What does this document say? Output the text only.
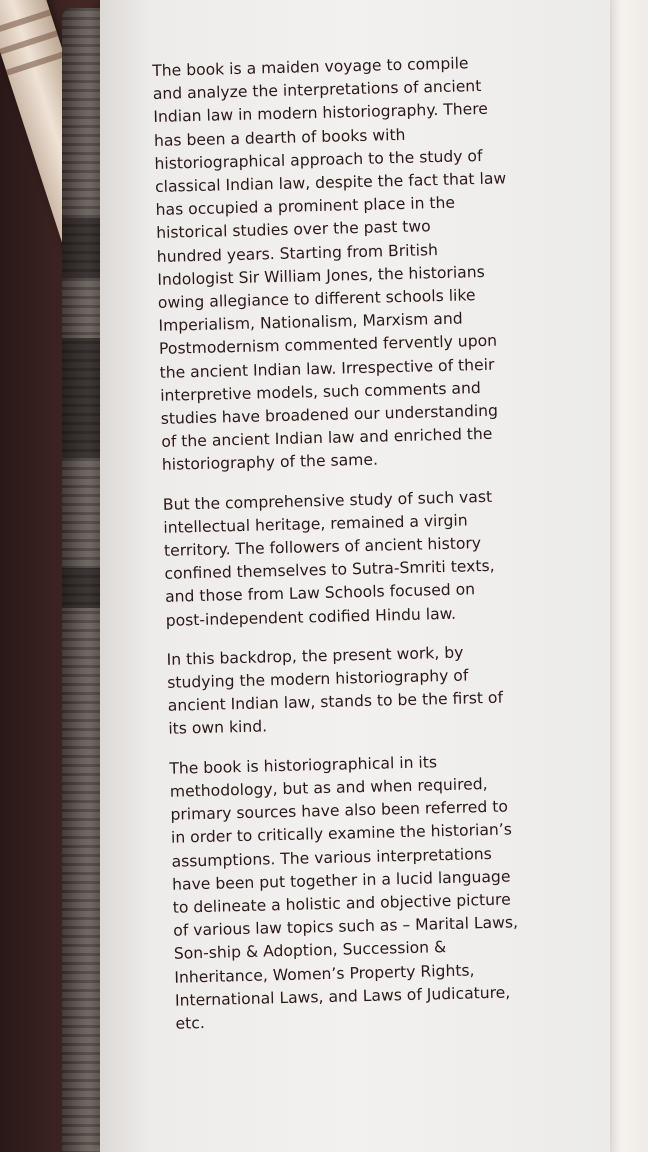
The book is a maiden voyage to compile
and analyze the interpretations of ancient
Indian law in modern historiography. There
has been a dearth of books with
historiographical approach to the study of
classical Indian law, despite the fact that law
has occupied a prominent place in the
historical studies over the past two
hundred years. Starting from British
Indologist Sir William Jones, the historians
owing allegiance to different schools like
Imperialism, Nationalism, Marxism and
Postmodernism commented fervently upon
the ancient Indian law. Irrespective of their
interpretive models, such comments and
studies have broadened our understanding
of the ancient Indian law and enriched the
historiography of the same.

But the comprehensive study of such vast
intellectual heritage, remained a virgin
territory. The followers of ancient history
confined themselves to Sutra-Smriti texts,
and those from Law Schools focused on
post-independent codified Hindu law.

In this backdrop, the present work, by
studying the modern historiography of
ancient Indian law, stands to be the first of
its own kind.

The book is historiographical in its
methodology, but as and when required,
primary sources have also been referred to
in order to critically examine the historian’s
assumptions. The various interpretations
have been put together in a lucid language
to delineate a holistic and objective picture
of various law topics such as – Marital Laws,
Son-ship & Adoption, Succession &
Inheritance, Women’s Property Rights,
International Laws, and Laws of Judicature,
etc.
